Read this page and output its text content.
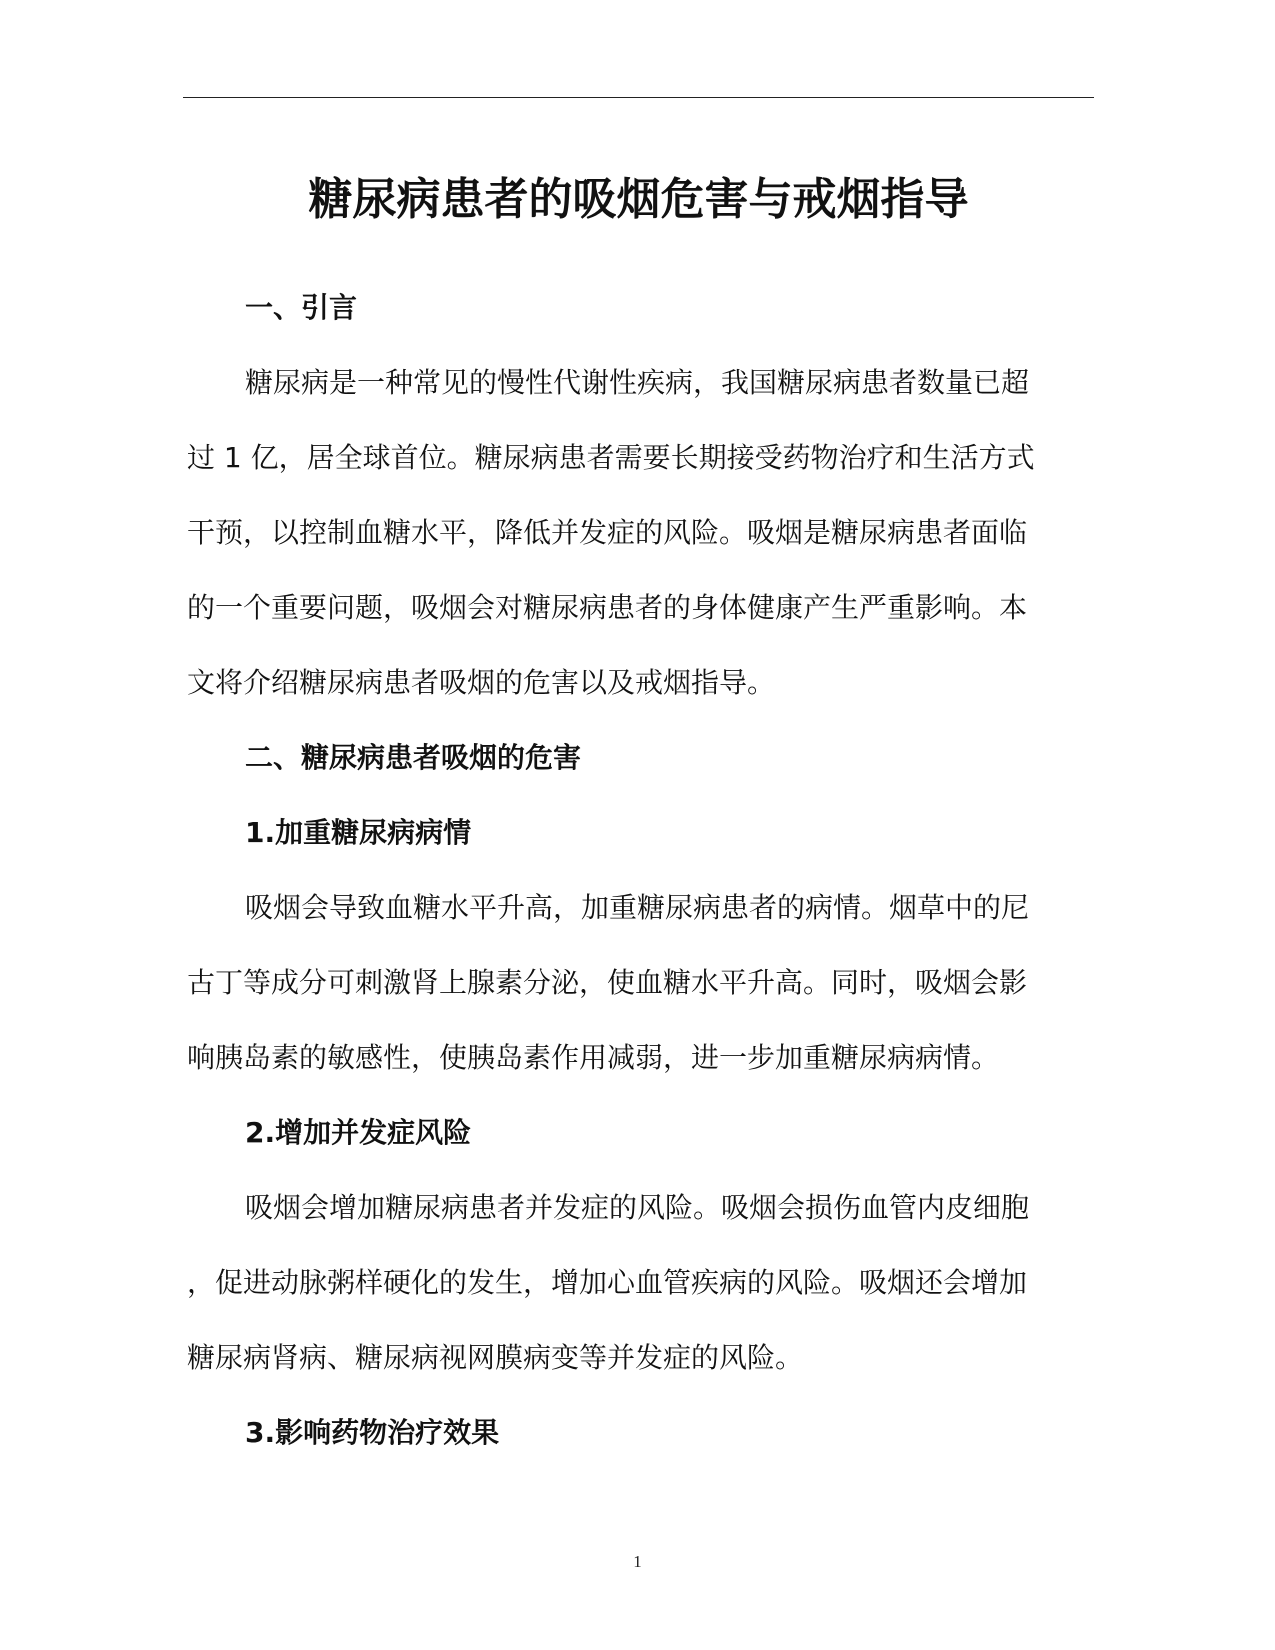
糖尿病患者的吸烟危害与戒烟指导
一、引言

糖尿病是一种常见的慢性代谢性疾病，我国糖尿病患者数量已超
过 1 亿，居全球首位。糖尿病患者需要长期接受药物治疗和生活方式
干预，以控制血糖水平，降低并发症的风险。吸烟是糖尿病患者面临
的一个重要问题，吸烟会对糖尿病患者的身体健康产生严重影响。本
文将介绍糖尿病患者吸烟的危害以及戒烟指导。

二、糖尿病患者吸烟的危害
1.加重糖尿病病情

吸烟会导致血糖水平升高，加重糖尿病患者的病情。烟草中的尼
古丁等成分可刺激肾上腺素分泌，使血糖水平升高。同时，吸烟会影
响胰岛素的敏感性，使胰岛素作用减弱，进一步加重糖尿病病情。

2.增加并发症风险

吸烟会增加糖尿病患者并发症的风险。吸烟会损伤血管内皮细胞
，促进动脉粥样硬化的发生，增加心血管疾病的风险。吸烟还会增加
糖尿病肾病、糖尿病视网膜病变等并发症的风险。

3.影响药物治疗效果
1
